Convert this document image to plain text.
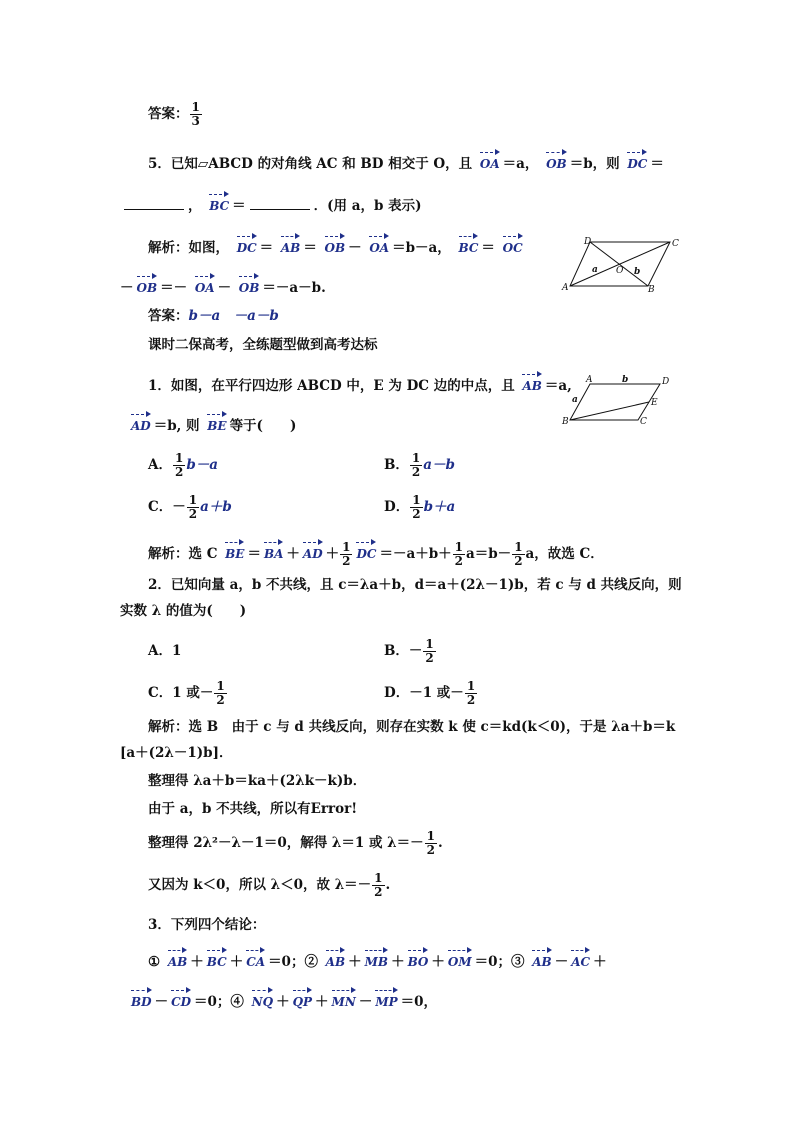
答案： $\frac{1}{3}$
5．已知▱ABCD 的对角线 AC 和 BD 相交于 O，且 OA ＝a， OB ＝b，则 DC ＝
， BC ＝	．(用 a，b 表示)
解析：如图， DC ＝ AB ＝ OB － OA ＝b－a， BC ＝ OC
－ OB ＝－ OA － OB ＝－a－b.
答案：b－a　－a－b
D	C
A	B
O
a	b
课时二保高考，全练题型做到高考达标
1．如图，在平行四边形 ABCD 中，E 为 DC 边的中点，且 AB ＝a,
AD ＝b, 则 BE 等于(　　)
A	b	D
B	C
E
a
A． $\frac{1}{2} b-a$	B． $\frac{1}{2} a-b$
C．－ $\frac{1}{2} a+b$	D． $\frac{1}{2} b+a$
解析：选 C BE ＝ BA ＋ AD ＋ $\frac{1}{2}$ DC $=-a+b+ \frac{1}{2} a=b- \frac{1}{2}$ a，故选 C．
2．已知向量 a，b 不共线，且 c＝λa＋b，d＝a＋(2λ－1)b，若 c 与 d 共线反向，则
实数 λ 的值为(　　)
A．1	B．－ $\frac{1}{2}$
C．1 或－ $\frac{1}{2}$	D．－1 或－ $\frac{1}{2}$
解析：选 B　由于 c 与 d 共线反向，则存在实数 k 使 c＝kd(k＜0)，于是 λa＋b＝k
[a＋(2λ－1)b]．
整理得 λa＋b＝ka＋(2λk－k)b．
由于 a，b 不共线，所以有Error!
整理得 2λ²－λ－1＝0，解得 λ＝1 或 $\lambda=- \frac{1}{2}$ .
又因为 k＜0，所以 λ＜0，故 $\lambda=- \frac{1}{2}$ .
3．下列四个结论：
① AB ＋ BC ＋ CA ＝0；② AB ＋ MB ＋ BO ＋ OM ＝0；③ AB － AC ＋
BD － CD ＝0；④ NQ ＋ QP ＋ MN － MP ＝0，
